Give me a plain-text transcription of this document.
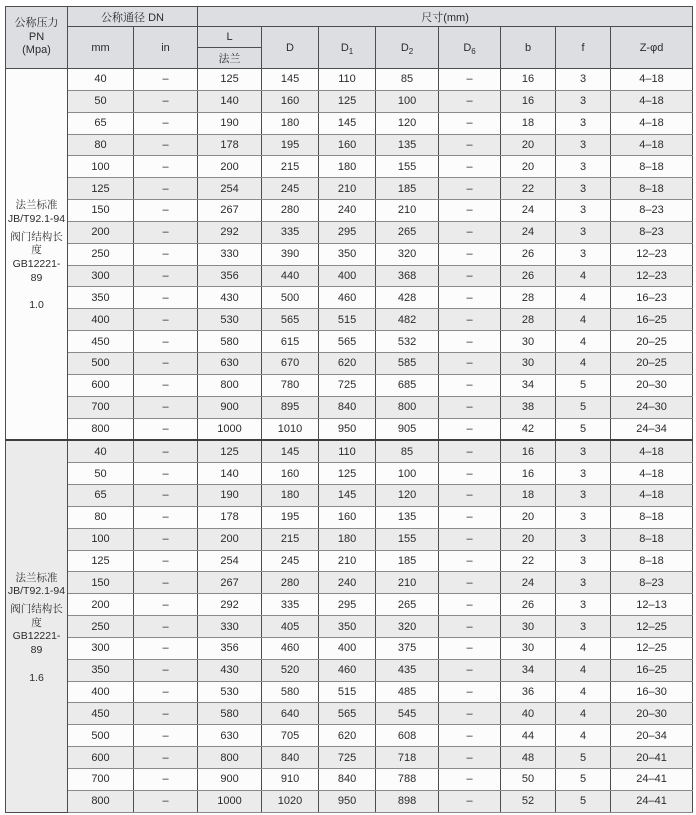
公称压力
PN
(Mpa)	公称通径 DN		尺寸(mm)							
	mm	in	L	D	$D_1$	$D_2$	$D_6$	b	f	Z-φd
			法兰							

法兰标准
JB/T92.1-94
阀门结构长度
GB12221-89
1.0	40	–	125	145	110	85	–	16	3	4–18
	50	–	140	160	125	100	–	16	3	4–18
	65	–	190	180	145	120	–	18	3	4–18
	80	–	178	195	160	135	–	20	3	4–18
	100	–	200	215	180	155	–	20	3	8–18
	125	–	254	245	210	185	–	22	3	8–18
	150	–	267	280	240	210	–	24	3	8–23
	200	–	292	335	295	265	–	24	3	8–23
	250	–	330	390	350	320	–	26	3	12–23
	300	–	356	440	400	368	–	26	4	12–23
	350	–	430	500	460	428	–	28	4	16–23
	400	–	530	565	515	482	–	28	4	16–25
	450	–	580	615	565	532	–	30	4	20–25
	500	–	630	670	620	585	–	30	4	20–25
	600	–	800	780	725	685	–	34	5	20–30
	700	–	900	895	840	800	–	38	5	24–30
	800	–	1000	1010	950	905	–	42	5	24–34

法兰标准
JB/T92.1-94
阀门结构长度
GB12221-89
1.6	40	–	125	145	110	85	–	16	3	4–18
	50	–	140	160	125	100	–	16	3	4–18
	65	–	190	180	145	120	–	18	3	4–18
	80	–	178	195	160	135	–	20	3	8–18
	100	–	200	215	180	155	–	20	3	8–18
	125	–	254	245	210	185	–	22	3	8–18
	150	–	267	280	240	210	–	24	3	8–23
	200	–	292	335	295	265	–	26	3	12–13
	250	–	330	405	350	320	–	30	3	12–25
	300	–	356	460	400	375	–	30	4	12–25
	350	–	430	520	460	435	–	34	4	16–25
	400	–	530	580	515	485	–	36	4	16–30
	450	–	580	640	565	545	–	40	4	20–30
	500	–	630	705	620	608	–	44	4	20–34
	600	–	800	840	725	718	–	48	5	20–41
	700	–	900	910	840	788	–	50	5	24–41
	800	–	1000	1020	950	898	–	52	5	24–41
